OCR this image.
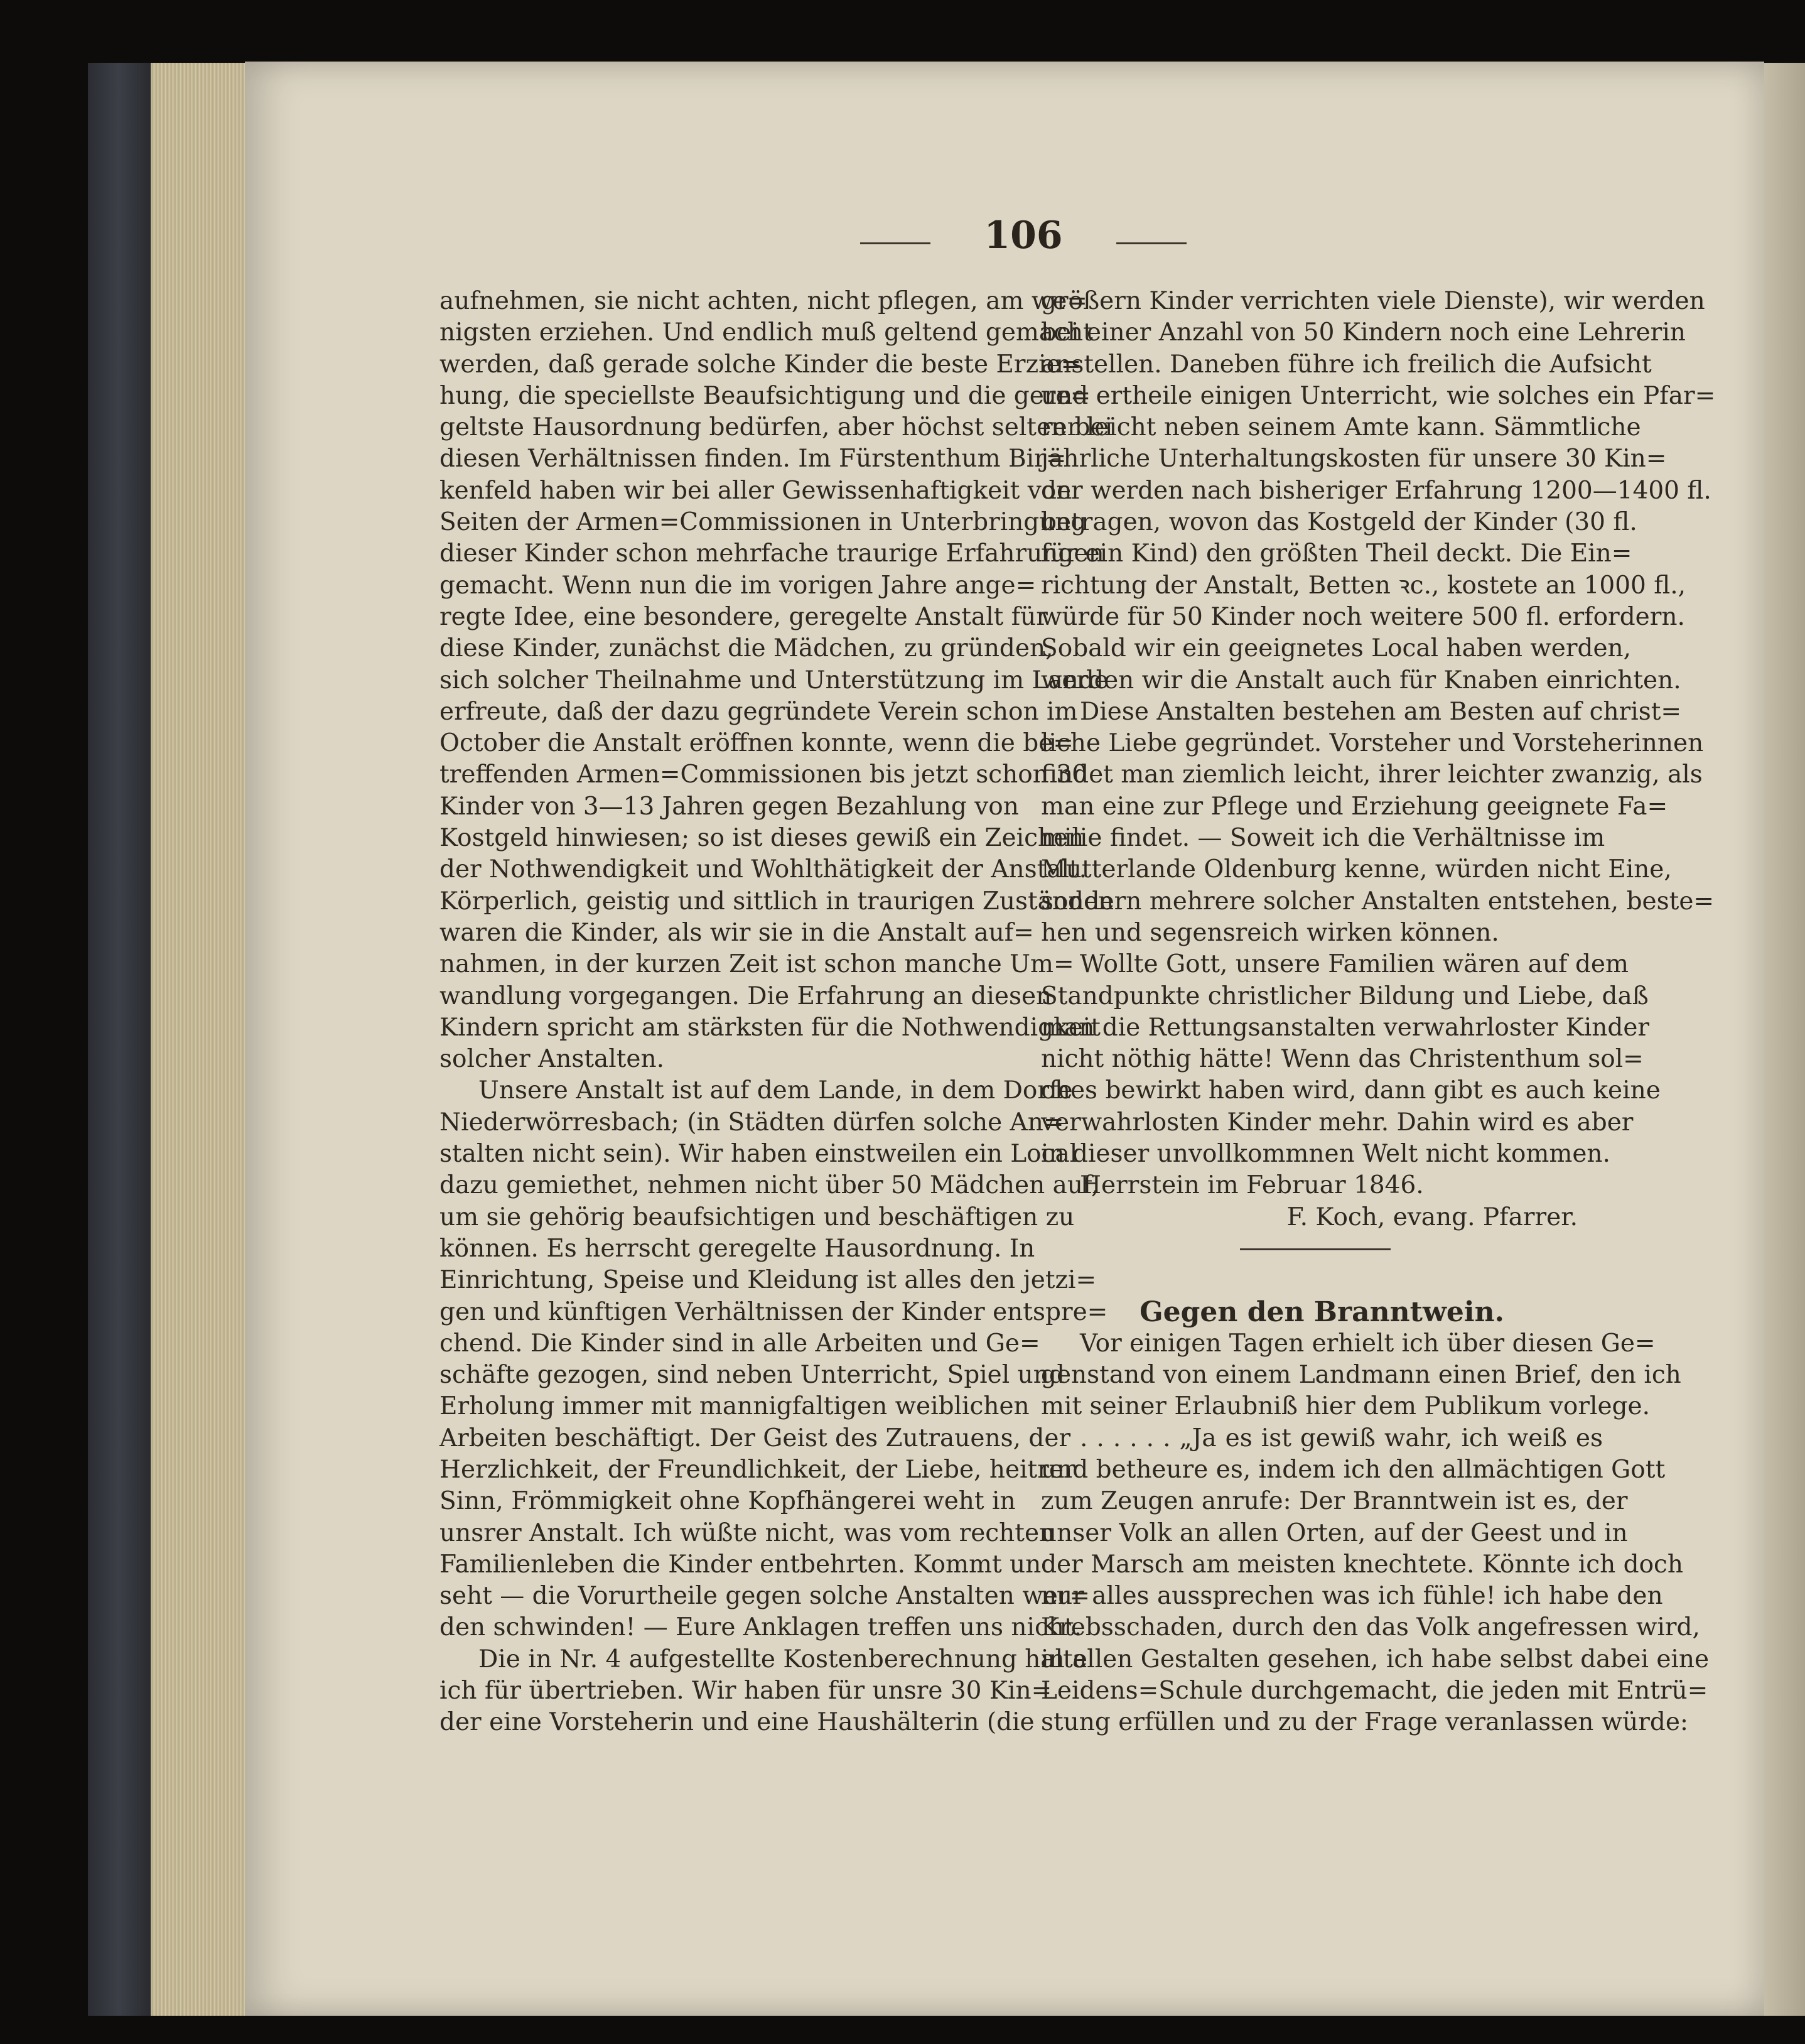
106

aufnehmen, sie nicht achten, nicht pflegen, am we=

nigsten erziehen. Und endlich muß geltend gemacht

werden, daß gerade solche Kinder die beste Erzie=

hung, die speciellste Beaufsichtigung und die gere=

geltste Hausordnung bedürfen, aber höchst selten bei

diesen Verhältnissen finden. Im Fürstenthum Bir=

kenfeld haben wir bei aller Gewissenhaftigkeit von

Seiten der Armen=Commissionen in Unterbringung

dieser Kinder schon mehrfache traurige Erfahrungen

gemacht. Wenn nun die im vorigen Jahre ange=

regte Idee, eine besondere, geregelte Anstalt für

diese Kinder, zunächst die Mädchen, zu gründen,

sich solcher Theilnahme und Unterstützung im Lande

erfreute, daß der dazu gegründete Verein schon im

October die Anstalt eröffnen konnte, wenn die be=

treffenden Armen=Commissionen bis jetzt schon 30

Kinder von 3—13 Jahren gegen Bezahlung von

Kostgeld hinwiesen; so ist dieses gewiß ein Zeichen

der Nothwendigkeit und Wohlthätigkeit der Anstalt.

Körperlich, geistig und sittlich in traurigen Zuständen

waren die Kinder, als wir sie in die Anstalt auf=

nahmen, in der kurzen Zeit ist schon manche Um=

wandlung vorgegangen. Die Erfahrung an diesen

Kindern spricht am stärksten für die Nothwendigkeit

solcher Anstalten.

Unsere Anstalt ist auf dem Lande, in dem Dorfe

Niederwörresbach; (in Städten dürfen solche An=

stalten nicht sein). Wir haben einstweilen ein Local

dazu gemiethet, nehmen nicht über 50 Mädchen auf,

um sie gehörig beaufsichtigen und beschäftigen zu

können. Es herrscht geregelte Hausordnung. In

Einrichtung, Speise und Kleidung ist alles den jetzi=

gen und künftigen Verhältnissen der Kinder entspre=

chend. Die Kinder sind in alle Arbeiten und Ge=

schäfte gezogen, sind neben Unterricht, Spiel und

Erholung immer mit mannigfaltigen weiblichen

Arbeiten beschäftigt. Der Geist des Zutrauens, der

Herzlichkeit, der Freundlichkeit, der Liebe, heitrer

Sinn, Frömmigkeit ohne Kopfhängerei weht in

unsrer Anstalt. Ich wüßte nicht, was vom rechten

Familienleben die Kinder entbehrten. Kommt und

seht — die Vorurtheile gegen solche Anstalten wer=

den schwinden! — Eure Anklagen treffen uns nicht.

Die in Nr. 4 aufgestellte Kostenberechnung halte

ich für übertrieben. Wir haben für unsre 30 Kin=

der eine Vorsteherin und eine Haushälterin (die

größern Kinder verrichten viele Dienste), wir werden

bei einer Anzahl von 50 Kindern noch eine Lehrerin

anstellen. Daneben führe ich freilich die Aufsicht

und ertheile einigen Unterricht, wie solches ein Pfar=

rer leicht neben seinem Amte kann. Sämmtliche

jährliche Unterhaltungskosten für unsere 30 Kin=

der werden nach bisheriger Erfahrung 1200—1400 fl.

betragen, wovon das Kostgeld der Kinder (30 fl.

für ein Kind) den größten Theil deckt. Die Ein=

richtung der Anstalt, Betten ꝛc., kostete an 1000 fl.,

würde für 50 Kinder noch weitere 500 fl. erfordern.

Sobald wir ein geeignetes Local haben werden,

werden wir die Anstalt auch für Knaben einrichten.

Diese Anstalten bestehen am Besten auf christ=

liche Liebe gegründet. Vorsteher und Vorsteherinnen

findet man ziemlich leicht, ihrer leichter zwanzig, als

man eine zur Pflege und Erziehung geeignete Fa=

milie findet. — Soweit ich die Verhältnisse im

Mutterlande Oldenburg kenne, würden nicht Eine,

sondern mehrere solcher Anstalten entstehen, beste=

hen und segensreich wirken können.

Wollte Gott, unsere Familien wären auf dem

Standpunkte christlicher Bildung und Liebe, daß

man die Rettungsanstalten verwahrloster Kinder

nicht nöthig hätte! Wenn das Christenthum sol=

ches bewirkt haben wird, dann gibt es auch keine

verwahrlosten Kinder mehr. Dahin wird es aber

in dieser unvollkommnen Welt nicht kommen.

Herrstein im Februar 1846.

F. Koch, evang. Pfarrer.

Gegen den Branntwein.

Vor einigen Tagen erhielt ich über diesen Ge=

genstand von einem Landmann einen Brief, den ich

mit seiner Erlaubniß hier dem Publikum vorlege.

. . . . . . „Ja es ist gewiß wahr, ich weiß es

und betheure es, indem ich den allmächtigen Gott

zum Zeugen anrufe: Der Branntwein ist es, der

unser Volk an allen Orten, auf der Geest und in

der Marsch am meisten knechtete. Könnte ich doch

nur alles aussprechen was ich fühle! ich habe den

Krebsschaden, durch den das Volk angefressen wird,

in allen Gestalten gesehen, ich habe selbst dabei eine

Leidens=Schule durchgemacht, die jeden mit Entrü=

stung erfüllen und zu der Frage veranlassen würde:
